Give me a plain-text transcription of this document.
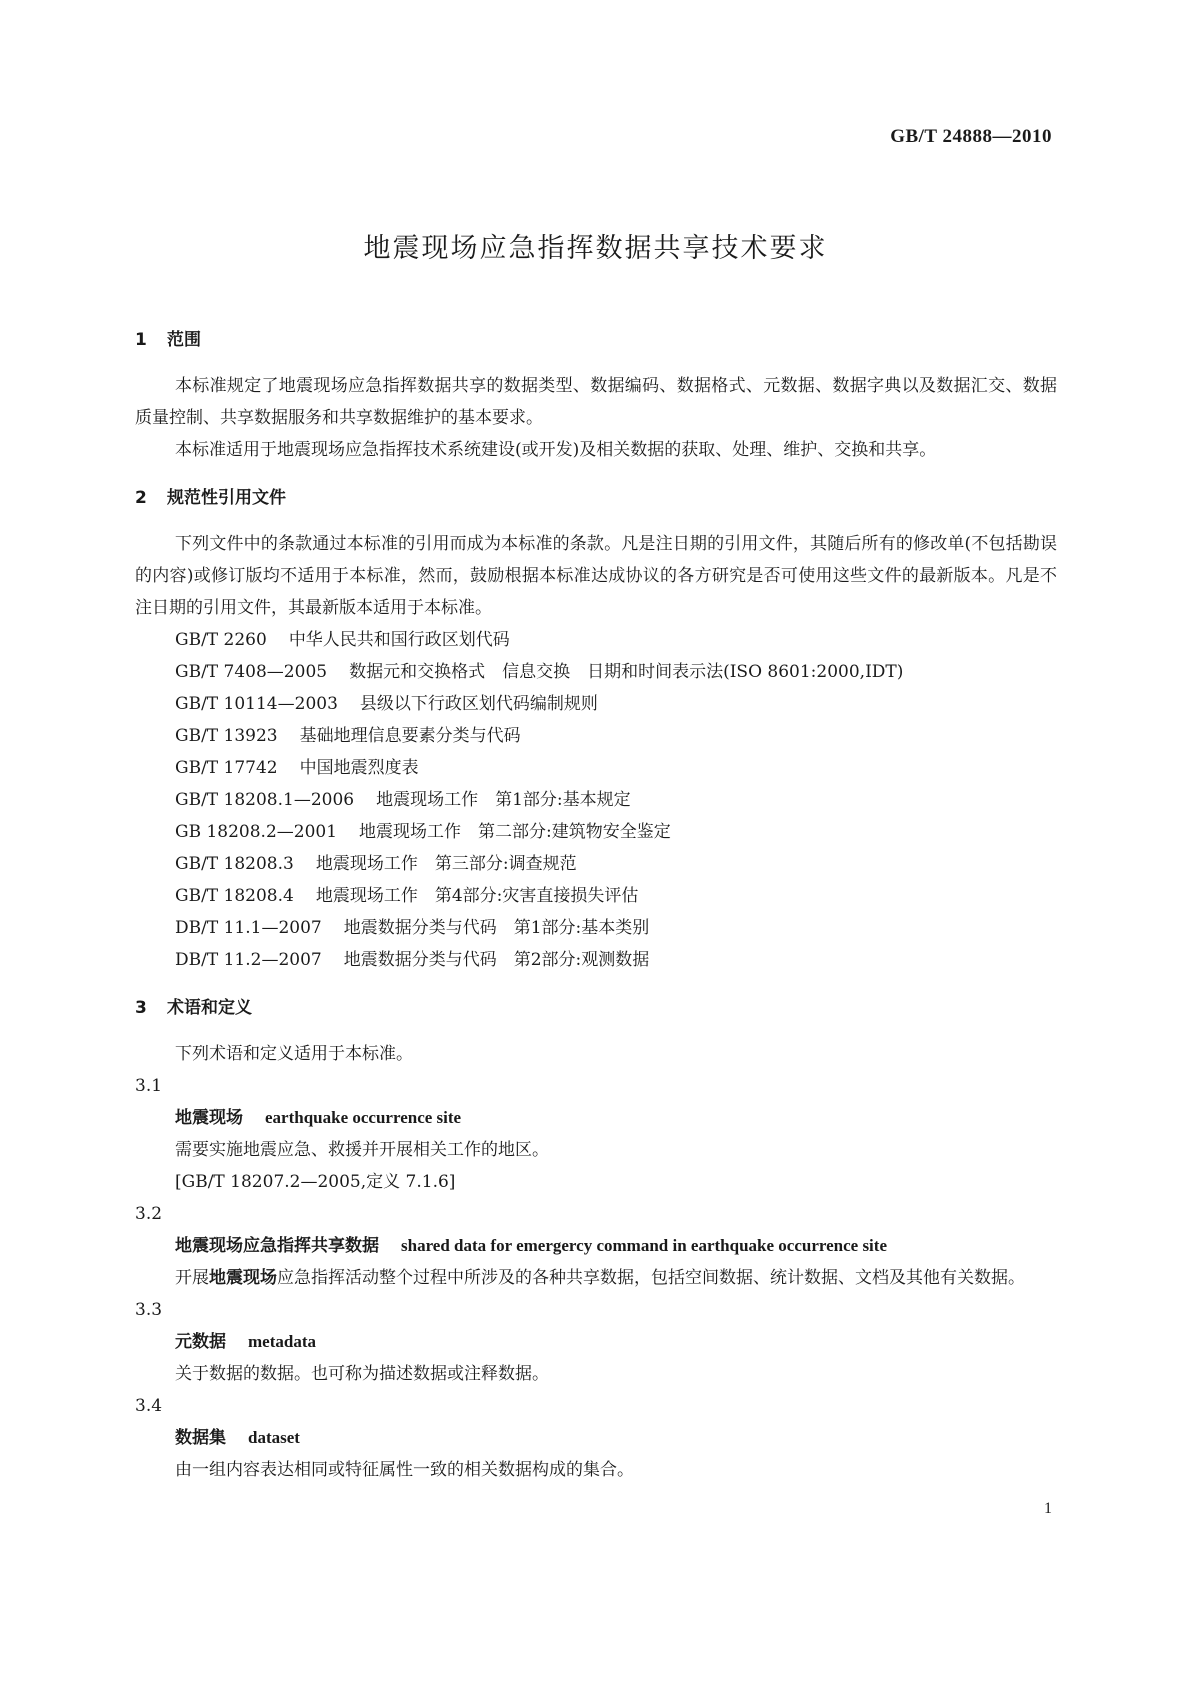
GB/T 24888—2010
地震现场应急指挥数据共享技术要求
1 范围

本标准规定了地震现场应急指挥数据共享的数据类型、数据编码、数据格式、元数据、数据字典以及数据汇交、数据质量控制、共享数据服务和共享数据维护的基本要求。

本标准适用于地震现场应急指挥技术系统建设(或开发)及相关数据的获取、处理、维护、交换和共享。

2 规范性引用文件

下列文件中的条款通过本标准的引用而成为本标准的条款。凡是注日期的引用文件，其随后所有的修改单(不包括勘误的内容)或修订版均不适用于本标准，然而，鼓励根据本标准达成协议的各方研究是否可使用这些文件的最新版本。凡是不注日期的引用文件，其最新版本适用于本标准。

GB/T 2260 中华人民共和国行政区划代码
GB/T 7408—2005 数据元和交换格式　信息交换　日期和时间表示法(ISO 8601:2000,IDT)
GB/T 10114—2003 县级以下行政区划代码编制规则
GB/T 13923 基础地理信息要素分类与代码
GB/T 17742 中国地震烈度表
GB/T 18208.1—2006 地震现场工作　第1部分:基本规定
GB 18208.2—2001 地震现场工作　第二部分:建筑物安全鉴定
GB/T 18208.3 地震现场工作　第三部分:调查规范
GB/T 18208.4 地震现场工作　第4部分:灾害直接损失评估
DB/T 11.1—2007 地震数据分类与代码　第1部分:基本类别
DB/T 11.2—2007 地震数据分类与代码　第2部分:观测数据
3 术语和定义

下列术语和定义适用于本标准。

3.1

地震现场 earthquake occurrence site

需要实施地震应急、救援并开展相关工作的地区。

[GB/T 18207.2—2005,定义 7.1.6]

3.2

地震现场应急指挥共享数据 shared data for emergercy command in earthquake occurrence site

开展地震现场应急指挥活动整个过程中所涉及的各种共享数据，包括空间数据、统计数据、文档及其他有关数据。

3.3

元数据 metadata

关于数据的数据。也可称为描述数据或注释数据。

3.4

数据集 dataset

由一组内容表达相同或特征属性一致的相关数据构成的集合。

1
